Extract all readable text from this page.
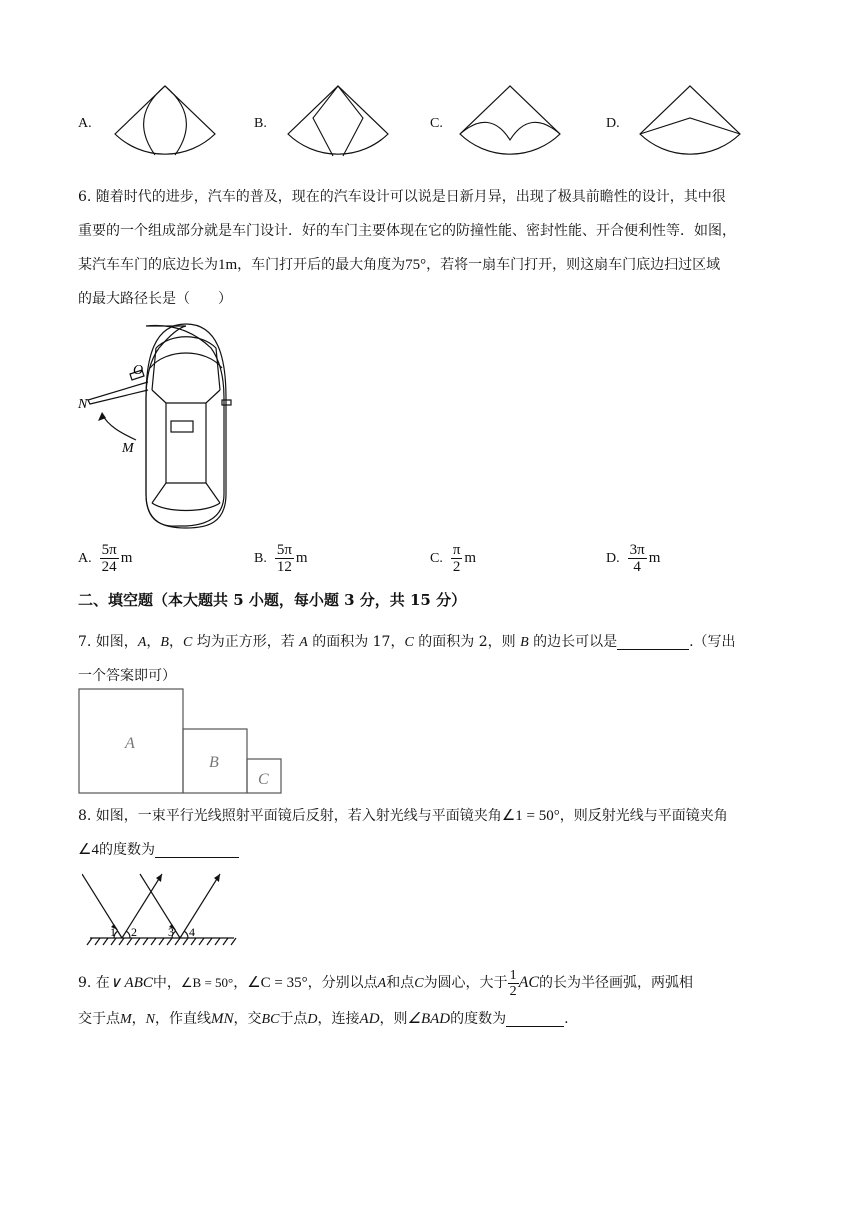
A.	B.	C.	D.
6. 随着时代的进步，汽车的普及，现在的汽车设计可以说是日新月异，出现了极具前瞻性的设计，其中很
重要的一个组成部分就是车门设计．好的车门主要体现在它的防撞性能、密封性能、开合便利性等．如图，
某汽车车门的底边长为1m，车门打开后的最大角度为75°，若将一扇车门打开，则这扇车门底边扫过区域
的最大路径长是（　　）
O
N
M
A. $\frac{5\pi}{24}$ m	B. $\frac{5\pi}{12}$ m	C. $\frac{\pi}{2}$ m	D. $\frac{3\pi}{4}$ m
二、填空题（本大题共 5 小题，每小题 3 分，共 15 分）
7. 如图，A，B，C 均为正方形，若 A 的面积为 17，C 的面积为 2，则 B 的边长可以是	.（写出
一个答案即可）
A
B
C
8. 如图，一束平行光线照射平面镜后反射，若入射光线与平面镜夹角∠1 = 50°，则反射光线与平面镜夹角
∠4的度数为
1 2	3 4
9. 在∨ ABC中，∠B = 50°，∠C = 35°，分别以点A和点C为圆心，大于 $\frac{1}{2}$ AC的长为半径画弧，两弧相
交于点M，N，作直线MN，交BC于点D，连接AD，则∠BAD的度数为	.
